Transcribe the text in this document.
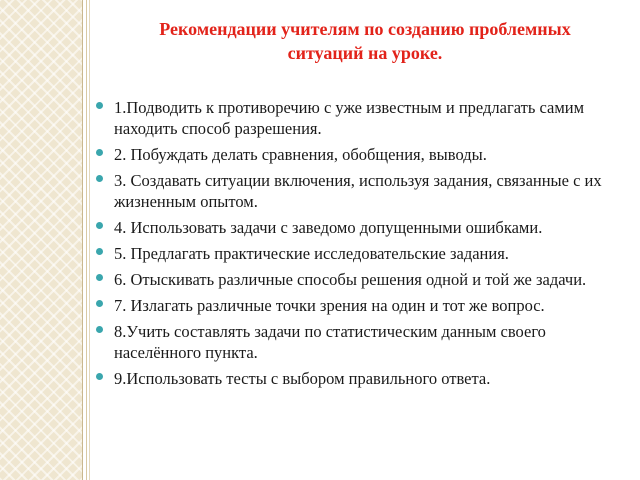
Рекомендации учителям по созданию проблемных
ситуаций на уроке.
1.Подводить к противоречию с уже известным и предлагать самим находить способ разрешения.
2. Побуждать делать сравнения, обобщения, выводы.
3. Создавать ситуации включения, используя задания, связанные с их жизненным опытом.
4. Использовать задачи с заведомо допущенными ошибками.
5. Предлагать практические исследовательские задания.
6. Отыскивать различные способы решения одной и той же задачи.
7. Излагать различные точки зрения на один и тот же вопрос.
8.Учить составлять задачи по статистическим данным своего населённого пункта.
9.Использовать тесты с выбором правильного ответа.
